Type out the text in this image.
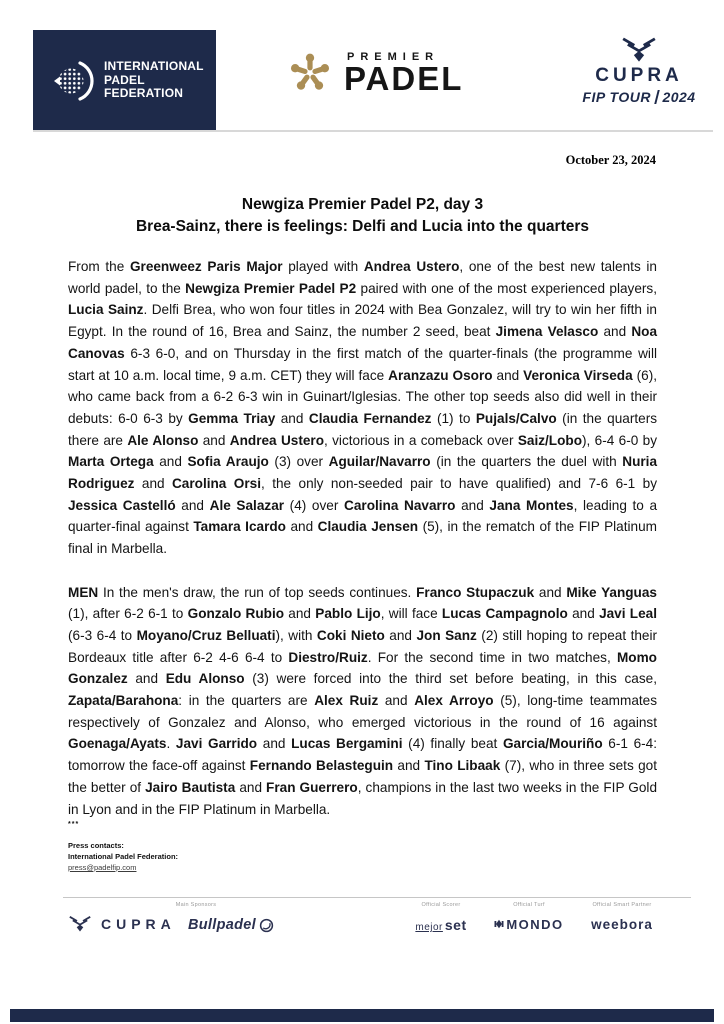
INTERNATIONAL
PADEL
FEDERATION
PREMIER
PADEL	CUPRA
FIP TOUR 2024
October 23, 2024
Newgiza Premier Padel P2, day 3
Brea-Sainz, there is feelings: Delfi and Lucia into the quarters

From the Greenweez Paris Major played with Andrea Ustero, one of the best new talents in world padel, to the Newgiza Premier Padel P2 paired with one of the most experienced players, Lucia Sainz. Delfi Brea, who won four titles in 2024 with Bea Gonzalez, will try to win her fifth in Egypt. In the round of 16, Brea and Sainz, the number 2 seed, beat Jimena Velasco and Noa Canovas 6-3 6-0, and on Thursday in the first match of the quarter-finals (the programme will start at 10 a.m. local time, 9 a.m. CET) they will face Aranzazu Osoro and Veronica Virseda (6), who came back from a 6-2 6-3 win in Guinart/Iglesias. The other top seeds also did well in their debuts: 6-0 6-3 by Gemma Triay and Claudia Fernandez (1) to Pujals/Calvo (in the quarters there are Ale Alonso and Andrea Ustero, victorious in a comeback over Saiz/Lobo), 6-4 6-0 by Marta Ortega and Sofia Araujo (3) over Aguilar/Navarro (in the quarters the duel with Nuria Rodriguez and Carolina Orsi, the only non-seeded pair to have qualified) and 7-6 6-1 by Jessica Castelló and Ale Salazar (4) over Carolina Navarro and Jana Montes, leading to a quarter-final against Tamara Icardo and Claudia Jensen (5), in the rematch of the FIP Platinum final in Marbella.

MEN In the men's draw, the run of top seeds continues. Franco Stupaczuk and Mike Yanguas (1), after 6-2 6-1 to Gonzalo Rubio and Pablo Lijo, will face Lucas Campagnolo and Javi Leal (6-3 6-4 to Moyano/Cruz Belluati), with Coki Nieto and Jon Sanz (2) still hoping to repeat their Bordeaux title after 6-2 4-6 6-4 to Diestro/Ruiz. For the second time in two matches, Momo Gonzalez and Edu Alonso (3) were forced into the third set before beating, in this case, Zapata/Barahona: in the quarters are Alex Ruiz and Alex Arroyo (5), long-time teammates respectively of Gonzalez and Alonso, who emerged victorious in the round of 16 against Goenaga/Ayats. Javi Garrido and Lucas Bergamini (4) finally beat Garcia/Mouriño 6-1 6-4: tomorrow the face-off against Fernando Belasteguin and Tino Libaak (7), who in three sets got the better of Jairo Bautista and Fran Guerrero, champions in the last two weeks in the FIP Gold in Lyon and in the FIP Platinum in Marbella.

***
Press contacts:
International Padel Federation:
press@padelfip.com
Main Sponsors
CUPRA Bullpadel
Official Scorer
mejor set
Official Turf
MONDO
Official Smart Partner
weebora
